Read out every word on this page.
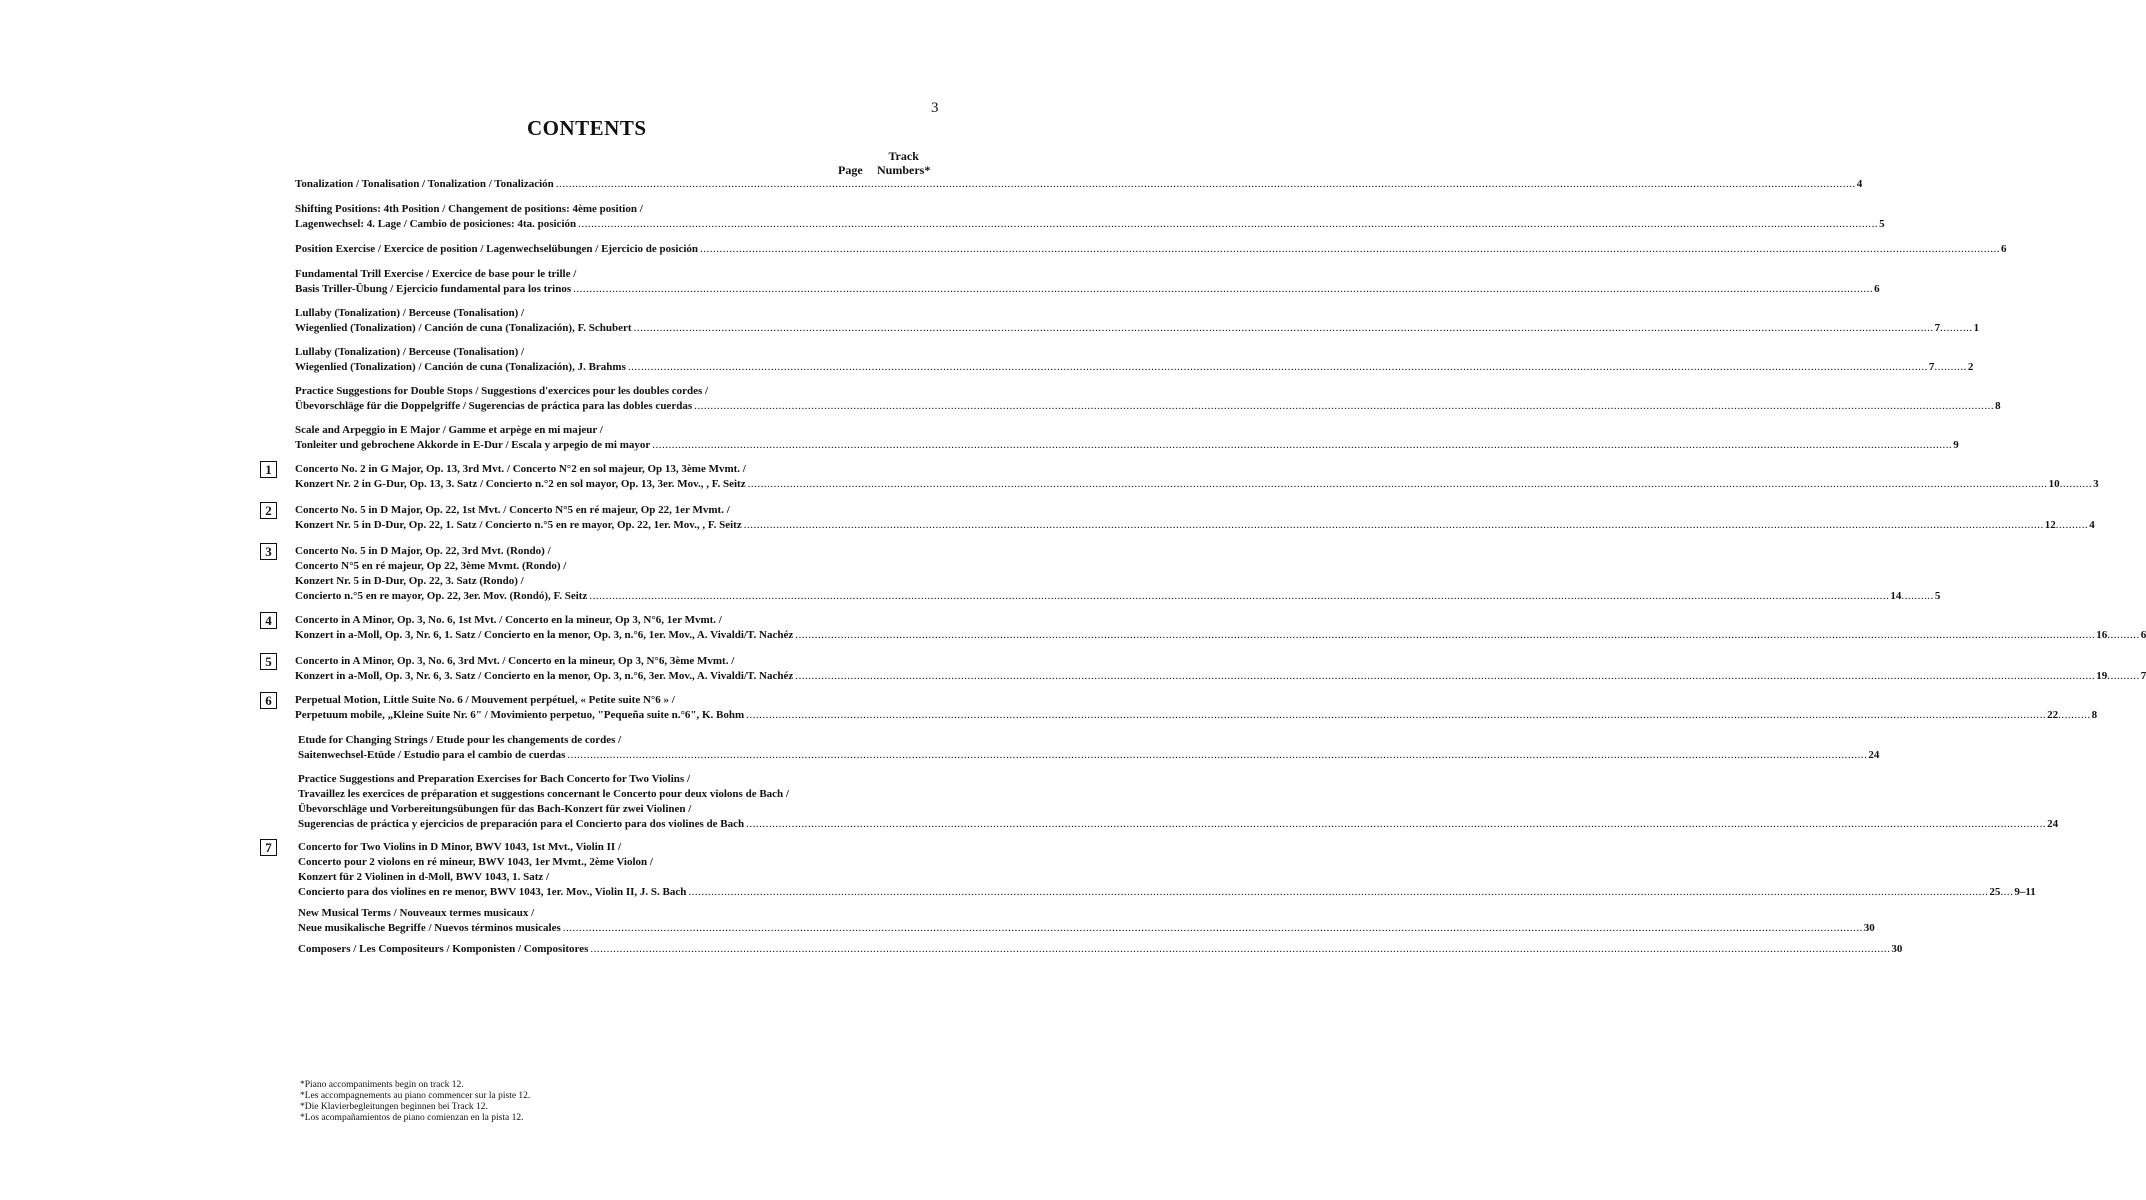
3
CONTENTS
Page
Track
Numbers*
Tonalization / Tonalisation / Tonalization / Tonalización ................................................................................................................................................................................................................................................................................................................................................................................................................ 4
Shifting Positions: 4th Position / Changement de positions: 4ème position /
Lagenwechsel: 4. Lage / Cambio de posiciones: 4ta. posición ................................................................................................................................................................................................................................................................................................................................................................................................................ 5
Position Exercise / Exercice de position / Lagenwechselübungen / Ejercicio de posición ................................................................................................................................................................................................................................................................................................................................................................................................................ 6
Fundamental Trill Exercise / Exercice de base pour le trille /
Basis Triller-Übung / Ejercicio fundamental para los trinos ................................................................................................................................................................................................................................................................................................................................................................................................................ 6
Lullaby (Tonalization) / Berceuse (Tonalisation) /
Wiegenlied (Tonalization) / Canción de cuna (Tonalización), F. Schubert ................................................................................................................................................................................................................................................................................................................................................................................................................ 7 .......... 1
Lullaby (Tonalization) / Berceuse (Tonalisation) /
Wiegenlied (Tonalization) / Canción de cuna (Tonalización), J. Brahms ................................................................................................................................................................................................................................................................................................................................................................................................................ 7 .......... 2
Practice Suggestions for Double Stops / Suggestions d'exercices pour les doubles cordes /
Übevorschläge für die Doppelgriffe / Sugerencias de práctica para las dobles cuerdas ................................................................................................................................................................................................................................................................................................................................................................................................................ 8
Scale and Arpeggio in E Major / Gamme et arpège en mi majeur /
Tonleiter und gebrochene Akkorde in E-Dur / Escala y arpegio de mi mayor ................................................................................................................................................................................................................................................................................................................................................................................................................ 9
1	Concerto No. 2 in G Major, Op. 13, 3rd Mvt. / Concerto N°2 en sol majeur, Op 13, 3ème Mvmt. /
Konzert Nr. 2 in G-Dur, Op. 13, 3. Satz / Concierto n.°2 en sol mayor, Op. 13, 3er. Mov., , F. Seitz ................................................................................................................................................................................................................................................................................................................................................................................................................ 10 .......... 3
2	Concerto No. 5 in D Major, Op. 22, 1st Mvt. / Concerto N°5 en ré majeur, Op 22, 1er Mvmt. /
Konzert Nr. 5 in D-Dur, Op. 22, 1. Satz / Concierto n.°5 en re mayor, Op. 22, 1er. Mov., , F. Seitz ................................................................................................................................................................................................................................................................................................................................................................................................................ 12 .......... 4
3	Concerto No. 5 in D Major, Op. 22, 3rd Mvt. (Rondo) /
Concerto N°5 en ré majeur, Op 22, 3ème Mvmt. (Rondo) /
Konzert Nr. 5 in D-Dur, Op. 22, 3. Satz (Rondo) /
Concierto n.°5 en re mayor, Op. 22, 3er. Mov. (Rondó), F. Seitz ................................................................................................................................................................................................................................................................................................................................................................................................................ 14 .......... 5
4	Concerto in A Minor, Op. 3, No. 6, 1st Mvt. / Concerto en la mineur, Op 3, N°6, 1er Mvmt. /
Konzert in a-Moll, Op. 3, Nr. 6, 1. Satz / Concierto en la menor, Op. 3, n.°6, 1er. Mov., A. Vivaldi/T. Nachéz ................................................................................................................................................................................................................................................................................................................................................................................................................ 16 .......... 6
5	Concerto in A Minor, Op. 3, No. 6, 3rd Mvt. / Concerto en la mineur, Op 3, N°6, 3ème Mvmt. /
Konzert in a-Moll, Op. 3, Nr. 6, 3. Satz / Concierto en la menor, Op. 3, n.°6, 3er. Mov., A. Vivaldi/T. Nachéz ................................................................................................................................................................................................................................................................................................................................................................................................................ 19 .......... 7
6	Perpetual Motion, Little Suite No. 6 / Mouvement perpétuel, « Petite suite N°6 » /
Perpetuum mobile, „Kleine Suite Nr. 6" / Movimiento perpetuo, "Pequeña suite n.°6", K. Bohm ................................................................................................................................................................................................................................................................................................................................................................................................................ 22 .......... 8
Etude for Changing Strings / Etude pour les changements de cordes /
Saitenwechsel-Etüde / Estudio para el cambio de cuerdas ................................................................................................................................................................................................................................................................................................................................................................................................................ 24
Practice Suggestions and Preparation Exercises for Bach Concerto for Two Violins /
Travaillez les exercices de préparation et suggestions concernant le Concerto pour deux violons de Bach /
Übevorschläge und Vorbereitungsübungen für das Bach-Konzert für zwei Violinen /
Sugerencias de práctica y ejercicios de preparación para el Concierto para dos violines de Bach ................................................................................................................................................................................................................................................................................................................................................................................................................ 24
7	Concerto for Two Violins in D Minor, BWV 1043, 1st Mvt., Violin II /
Concerto pour 2 violons en ré mineur, BWV 1043, 1er Mvmt., 2ème Violon /
Konzert für 2 Violinen in d-Moll, BWV 1043, 1. Satz /
Concierto para dos violines en re menor, BWV 1043, 1er. Mov., Violin II, J. S. Bach ................................................................................................................................................................................................................................................................................................................................................................................................................ 25 .... 9–11
New Musical Terms / Nouveaux termes musicaux /
Neue musikalische Begriffe / Nuevos términos musicales ................................................................................................................................................................................................................................................................................................................................................................................................................ 30
Composers / Les Compositeurs / Komponisten / Compositores ................................................................................................................................................................................................................................................................................................................................................................................................................ 30
*Piano accompaniments begin on track 12.
*Les accompagnements au piano commencer sur la piste 12.
*Die Klavierbegleitungen beginnen bei Track 12.
*Los acompañamientos de piano comienzan en la pista 12.
